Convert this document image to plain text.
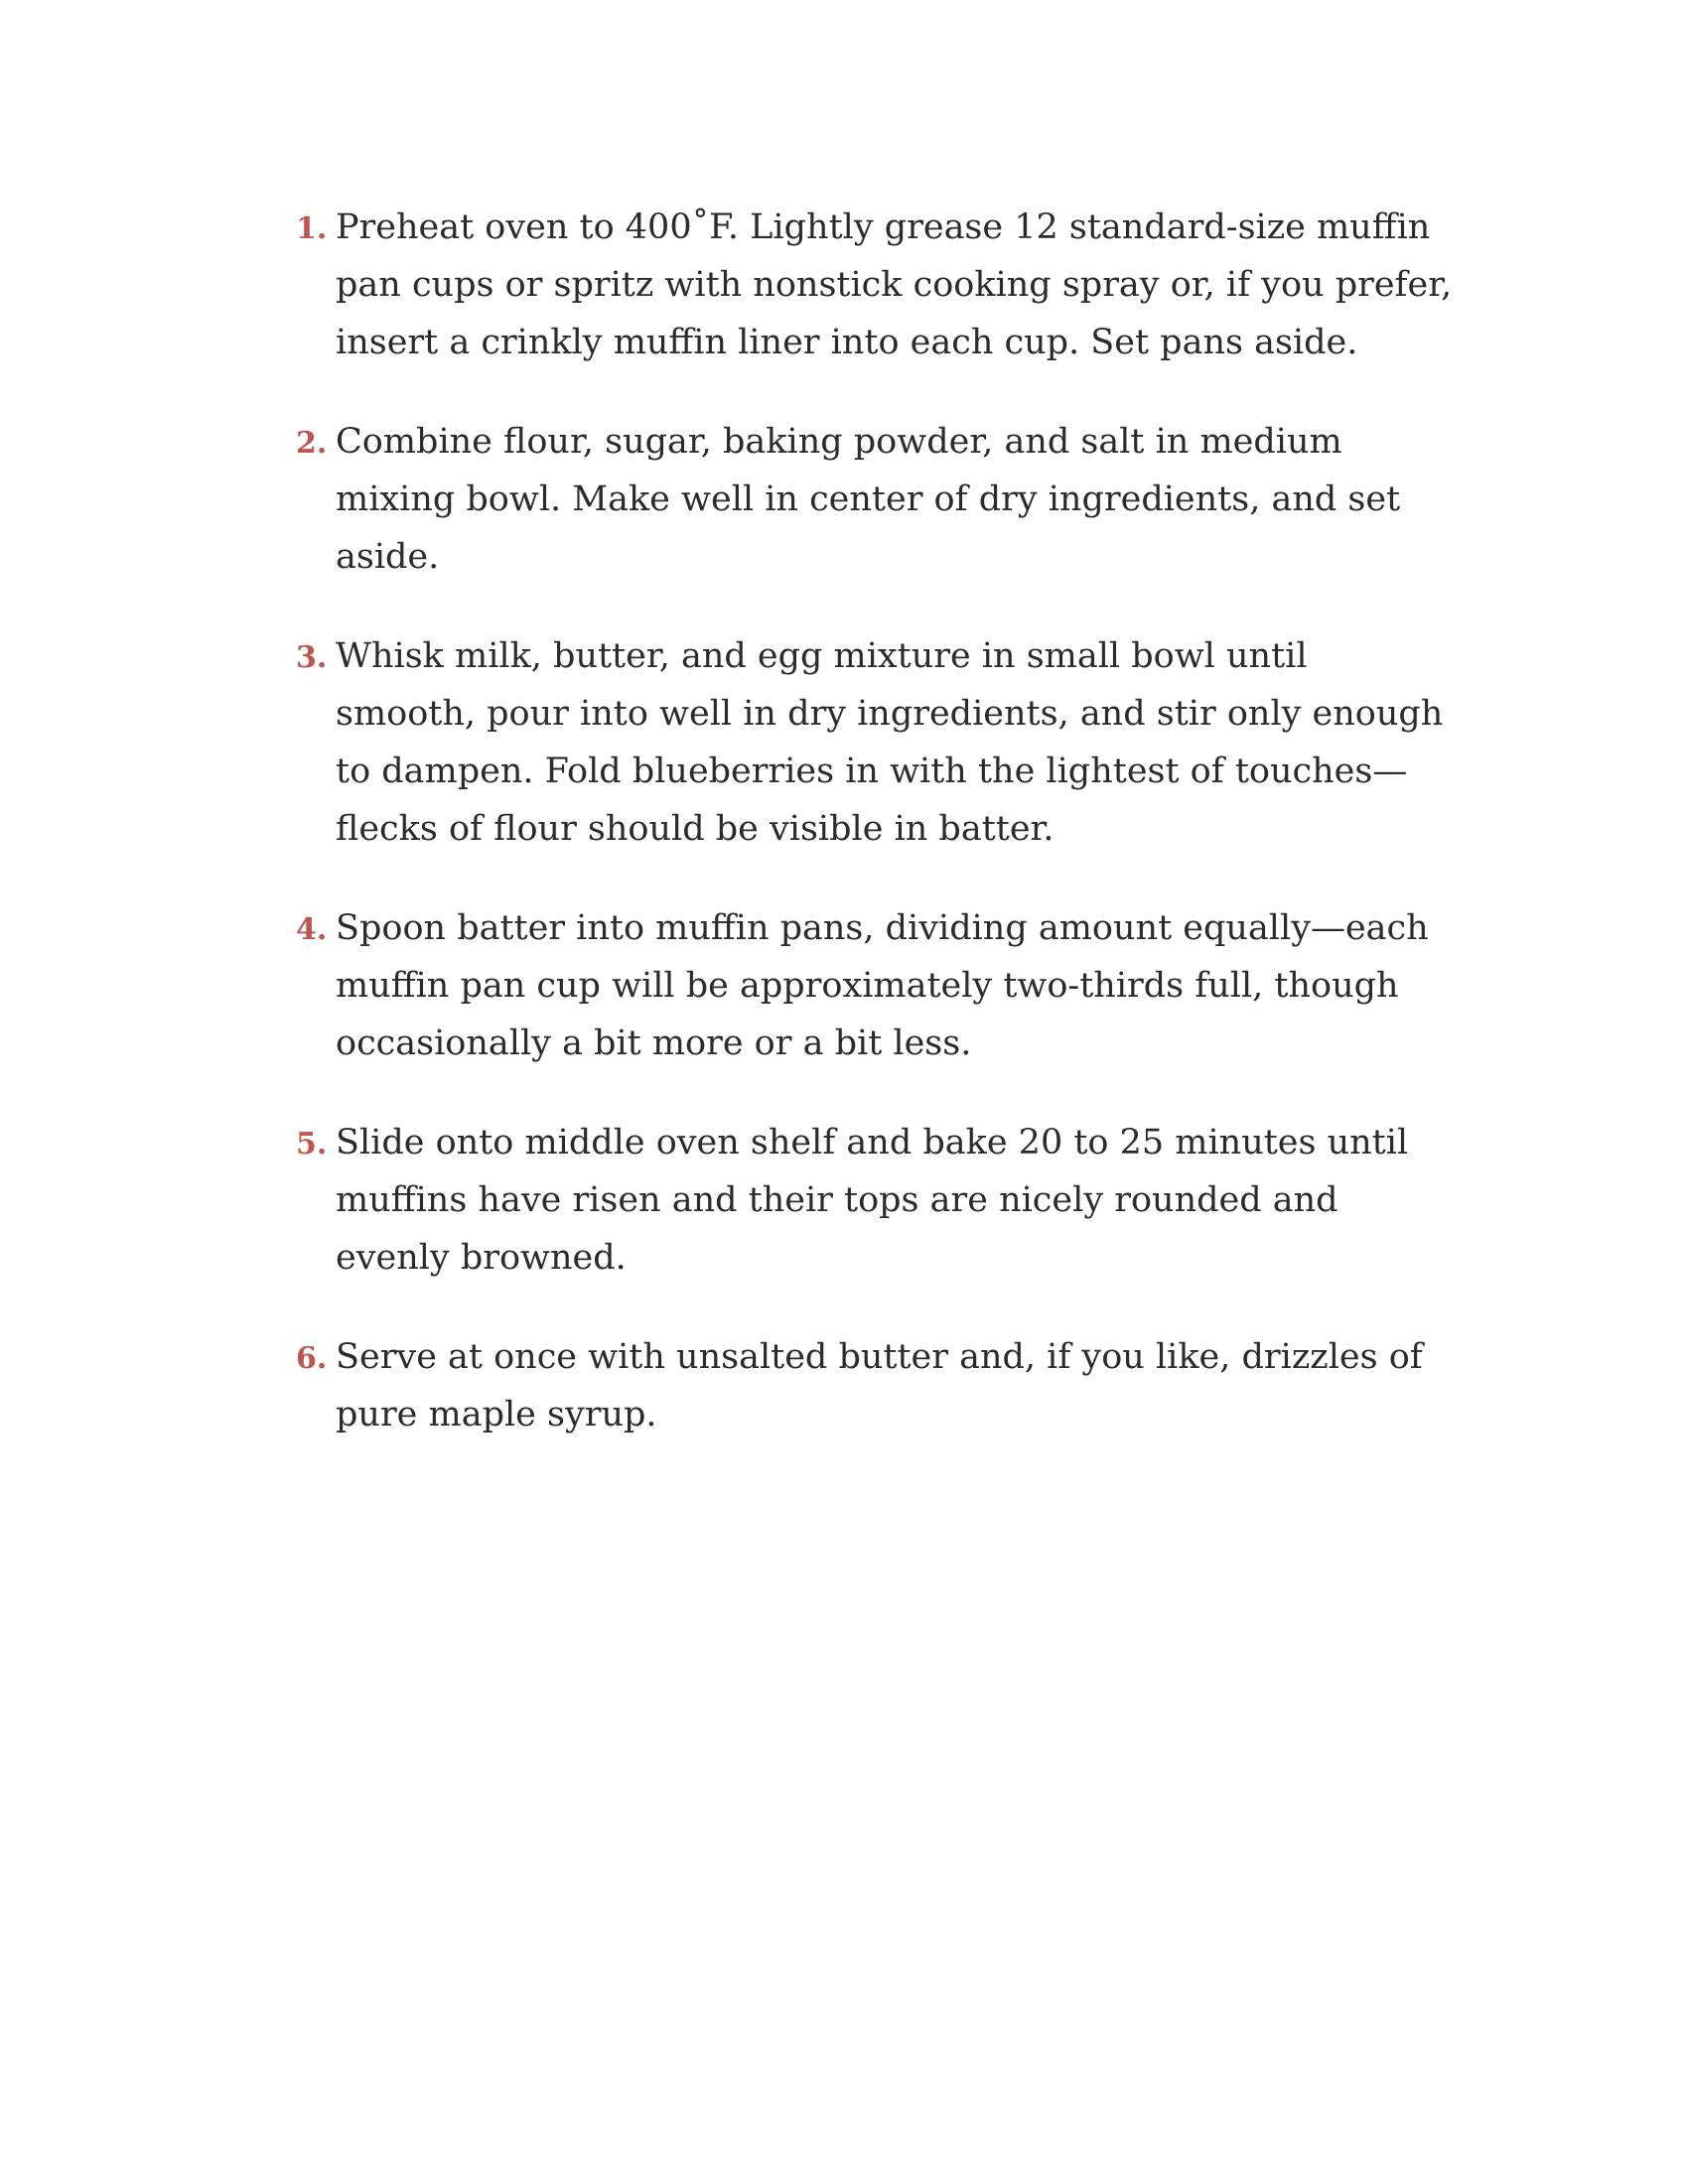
1. Preheat oven to 400˚F. Lightly grease 12 standard-size muffin pan cups or spritz with nonstick cooking spray or, if you prefer, insert a crinkly muffin liner into each cup. Set pans aside.
2. Combine flour, sugar, baking powder, and salt in medium mixing bowl. Make well in center of dry ingredients, and set aside.
3. Whisk milk, butter, and egg mixture in small bowl until smooth, pour into well in dry ingredients, and stir only enough to dampen. Fold blueberries in with the lightest of touches—flecks of flour should be visible in batter.
4. Spoon batter into muffin pans, dividing amount equally—each muffin pan cup will be approximately two-thirds full, though occasionally a bit more or a bit less.
5. Slide onto middle oven shelf and bake 20 to 25 minutes until muffins have risen and their tops are nicely rounded and evenly browned.
6. Serve at once with unsalted butter and, if you like, drizzles of pure maple syrup.
